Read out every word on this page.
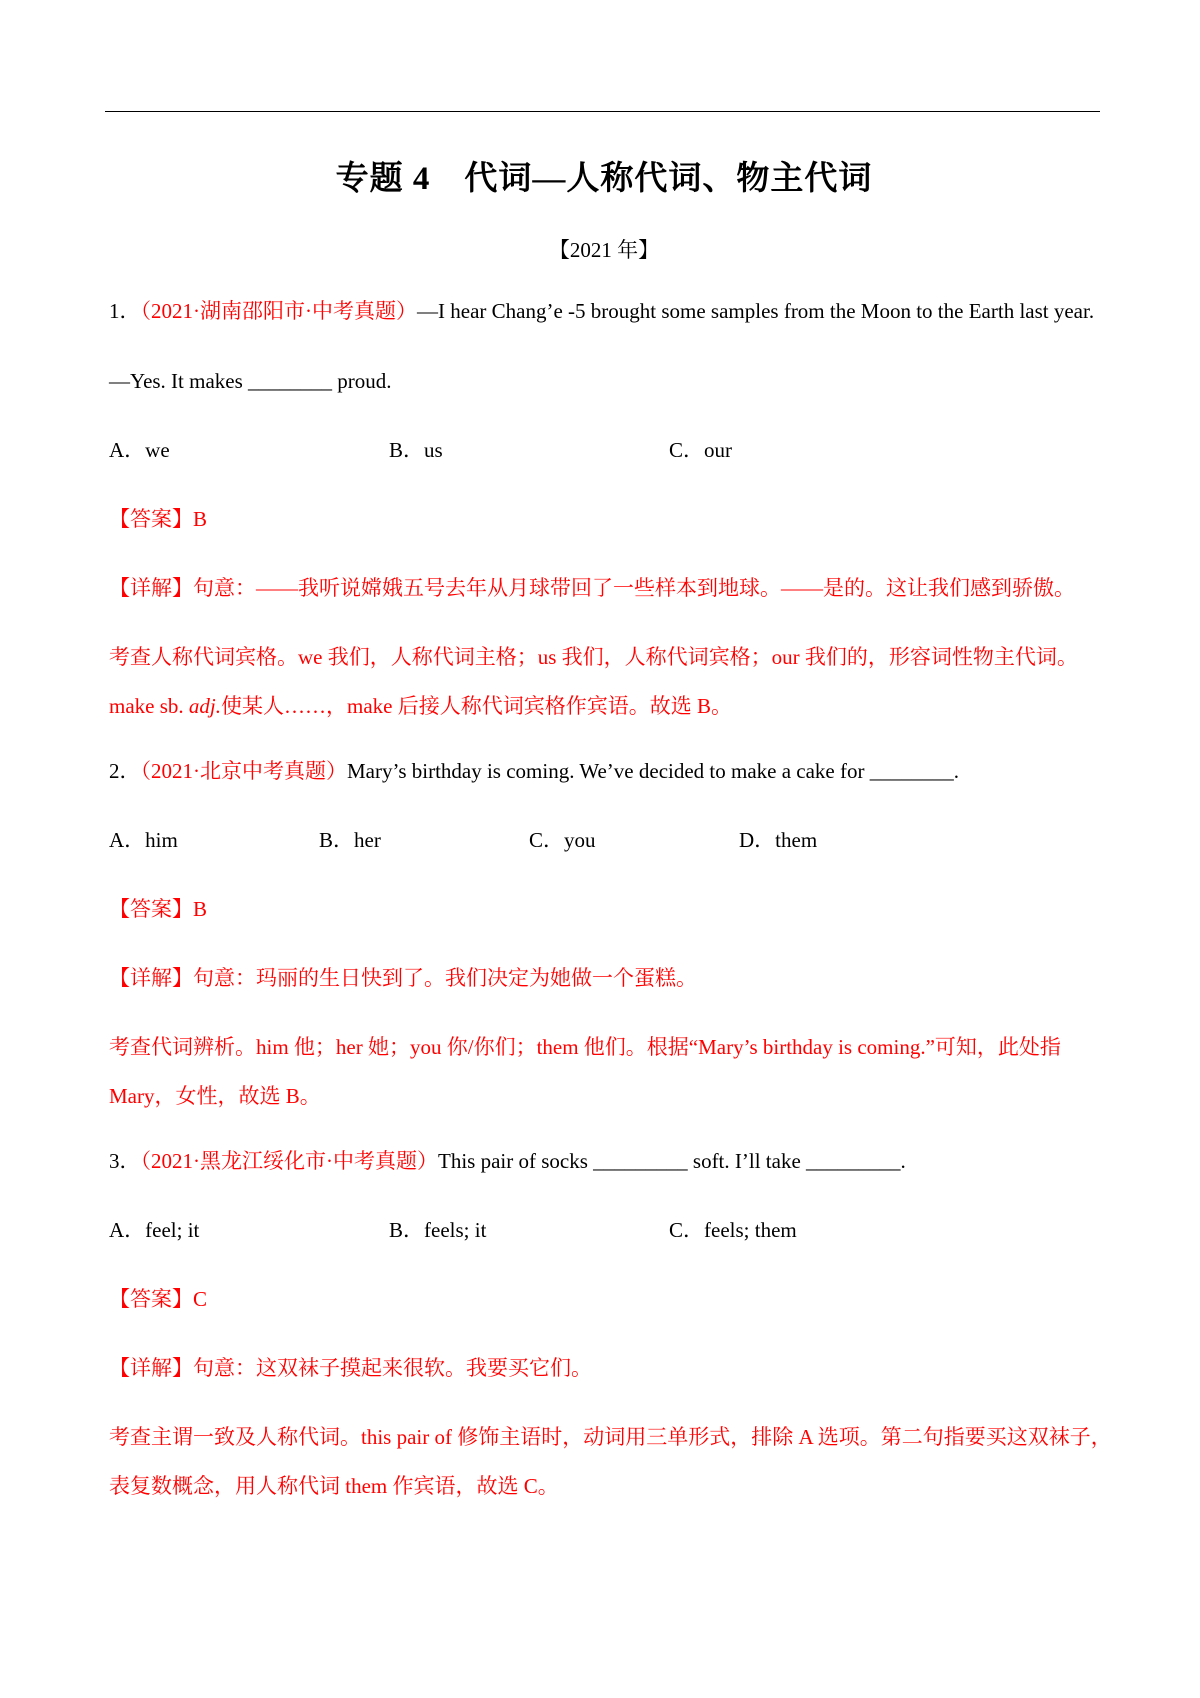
专题 4　代词—人称代词、物主代词
【2021 年】
1．（2021·湖南邵阳市·中考真题）—I hear Chang’e -5 brought some samples from the Moon to the Earth last year.
—Yes. It makes ________ proud.
A．we	B．us	C．our
【答案】B
【详解】句意：——我听说嫦娥五号去年从月球带回了一些样本到地球。——是的。这让我们感到骄傲。
考查人称代词宾格。we 我们，人称代词主格；us 我们，人称代词宾格；our 我们的，形容词性物主代词。
make sb. adj.使某人……，make 后接人称代词宾格作宾语。故选 B。
2．（2021·北京中考真题）Mary’s birthday is coming. We’ve decided to make a cake for ________.
A．him	B．her	C．you	D．them
【答案】B
【详解】句意：玛丽的生日快到了。我们决定为她做一个蛋糕。
考查代词辨析。him 他；her 她；you 你/你们；them 他们。根据“Mary’s birthday is coming.”可知，此处指
Mary，女性，故选 B。
3．（2021·黑龙江绥化市·中考真题）This pair of socks _________ soft. I’ll take _________.
A．feel; it	B．feels; it	C．feels; them
【答案】C
【详解】句意：这双袜子摸起来很软。我要买它们。
考查主谓一致及人称代词。this pair of 修饰主语时，动词用三单形式，排除 A 选项。第二句指要买这双袜子，
表复数概念，用人称代词 them 作宾语，故选 C。
